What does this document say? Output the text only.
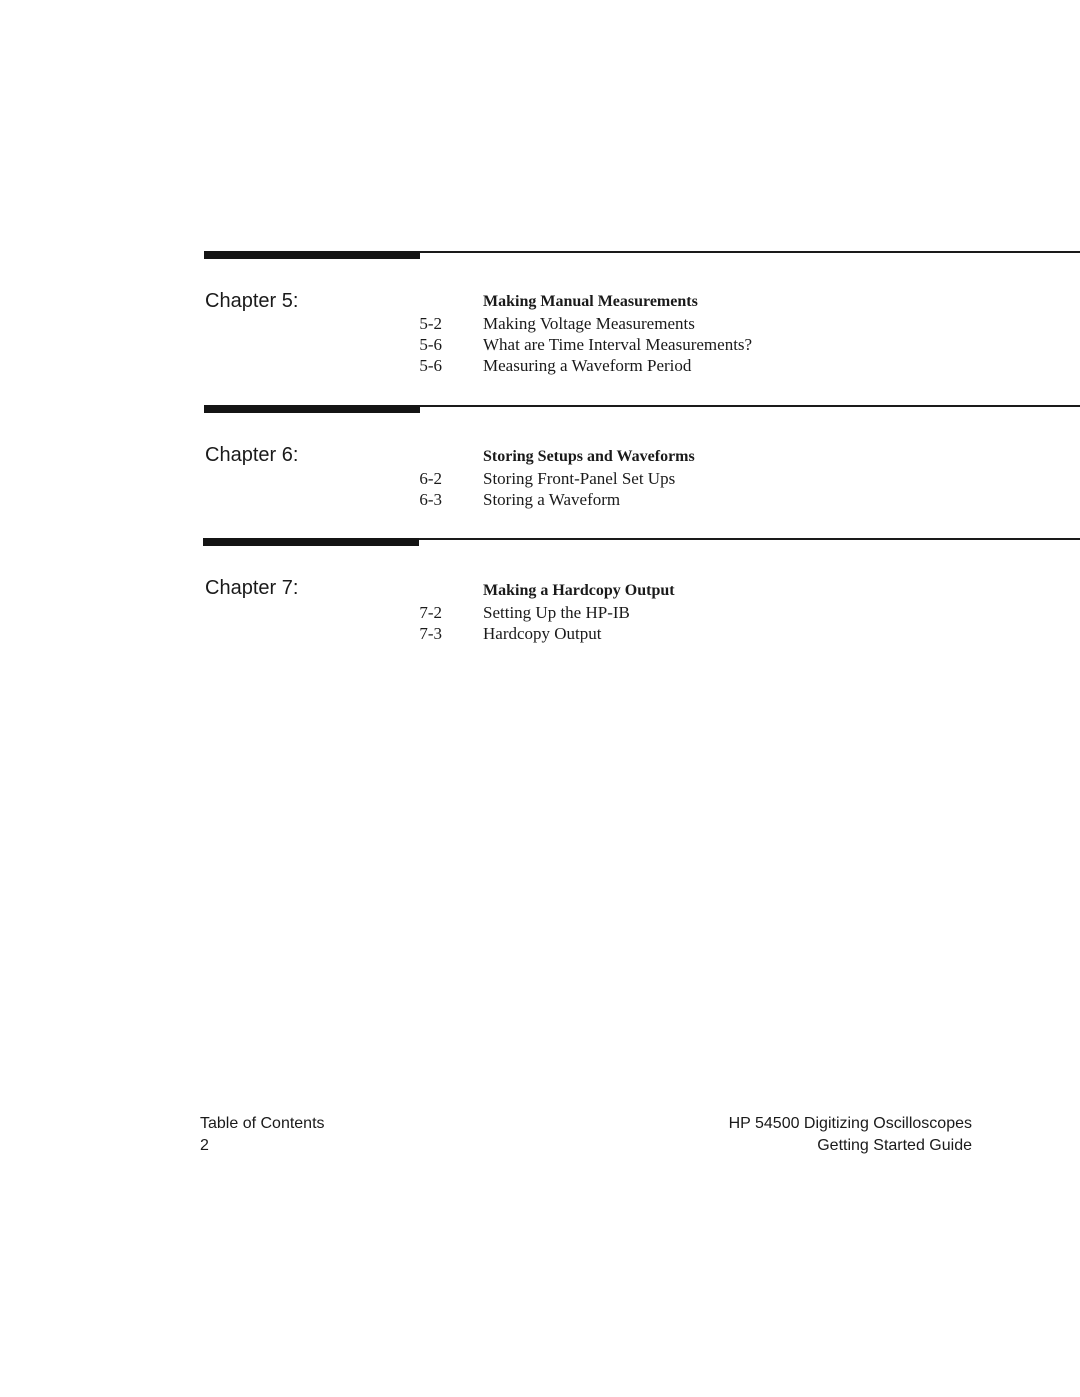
Chapter 5:	Making Manual Measurements
5-2 Making Voltage Measurements
5-6 What are Time Interval Measurements?
5-6 Measuring a Waveform Period
Chapter 6:	Storing Setups and Waveforms
6-2 Storing Front-Panel Set Ups
6-3 Storing a Waveform
Chapter 7:	Making a Hardcopy Output
7-2 Setting Up the HP-IB
7-3 Hardcopy Output
Table of Contents
2
HP 54500 Digitizing Oscilloscopes
Getting Started Guide
